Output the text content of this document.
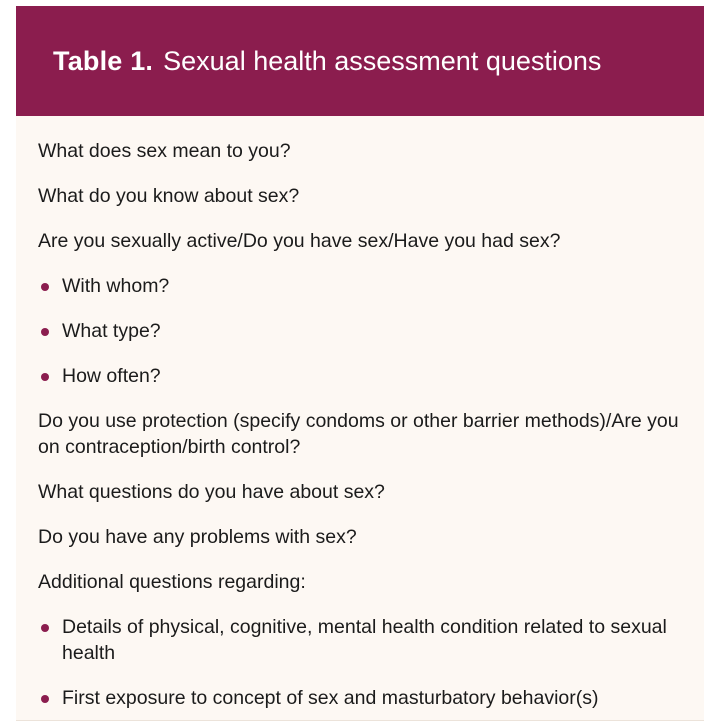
Table 1. Sexual health assessment questions
What does sex mean to you?
What do you know about sex?
Are you sexually active/Do you have sex/Have you had sex?
With whom?
What type?
How often?
Do you use protection (specify condoms or other barrier methods)/Are you on contraception/birth control?
What questions do you have about sex?
Do you have any problems with sex?
Additional questions regarding:
Details of physical, cognitive, mental health condition related to sexual health
First exposure to concept of sex and masturbatory behavior(s)
